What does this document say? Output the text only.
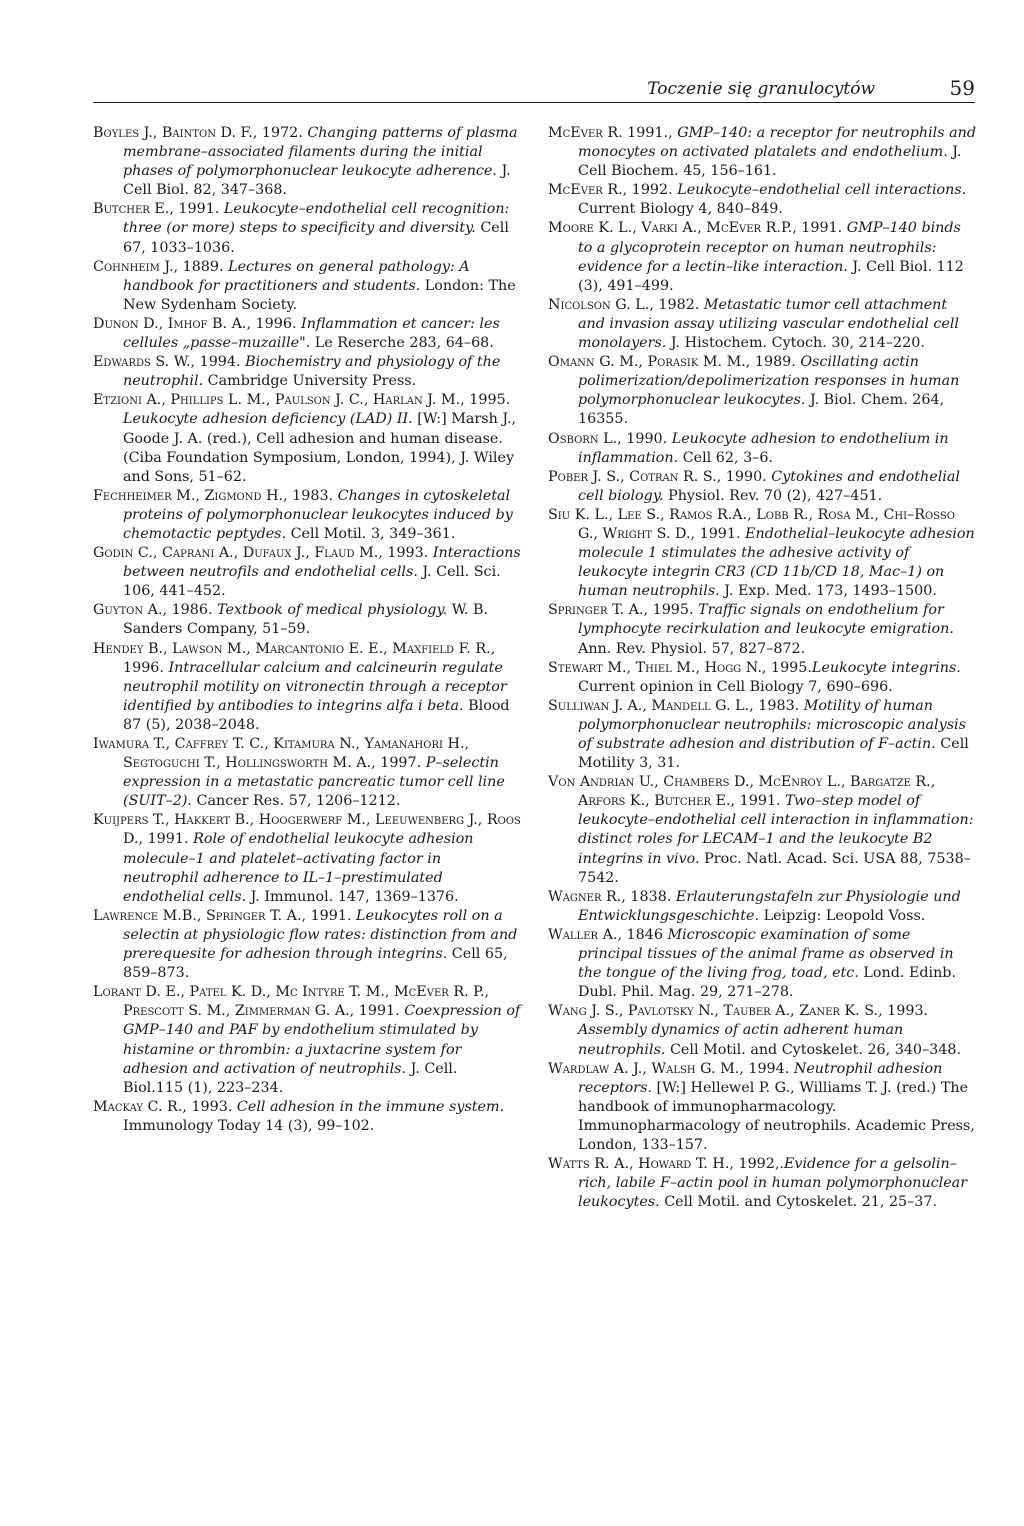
Toczenie się granulocytów	59

Boyles J., Bainton D. F., 1972. Changing patterns of plasma membrane–associated filaments during the initial phases of polymorphonuclear leukocyte adherence. J. Cell Biol. 82, 347–368.

Butcher E., 1991. Leukocyte–endothelial cell recognition: three (or more) steps to specificity and diversity. Cell 67, 1033–1036.

Cohnheim J., 1889. Lectures on general pathology: A handbook for practitioners and students. London: The New Sydenham Society.

Dunon D., Imhof B. A., 1996. Inflammation et cancer: les cellules „passe–muzaille". Le Reserche 283, 64–68.

Edwards S. W., 1994. Biochemistry and physiology of the neutrophil. Cambridge University Press.

Etzioni A., Phillips L. M., Paulson J. C., Harlan J. M., 1995. Leukocyte adhesion deficiency (LAD) II. [W:] Marsh J., Goode J. A. (red.), Cell adhesion and human disease. (Ciba Foundation Symposium, London, 1994), J. Wiley and Sons, 51–62.

Fechheimer M., Zigmond H., 1983. Changes in cytoskeletal proteins of polymorphonuclear leukocytes induced by chemotactic peptydes. Cell Motil. 3, 349–361.

Godin C., Caprani A., Dufaux J., Flaud M., 1993. Interactions between neutrofils and endothelial cells. J. Cell. Sci. 106, 441–452.

Guyton A., 1986. Textbook of medical physiology. W. B. Sanders Company, 51–59.

Hendey B., Lawson M., Marcantonio E. E., Maxfield F. R., 1996. Intracellular calcium and calcineurin regulate neutrophil motility on vitronectin through a receptor identified by antibodies to integrins alfa i beta. Blood 87 (5), 2038–2048.

Iwamura T., Caffrey T. C., Kitamura N., Yamanahori H., Segtoguchi T., Hollingsworth M. A., 1997. P–selectin expression in a metastatic pancreatic tumor cell line (SUIT–2). Cancer Res. 57, 1206–1212.

Kuijpers T., Hakkert B., Hoogerwerf M., Leeuwenberg J., Roos D., 1991. Role of endothelial leukocyte adhesion molecule–1 and platelet–activating factor in neutrophil adherence to IL–1–prestimulated endothelial cells. J. Immunol. 147, 1369–1376.

Lawrence M.B., Springer T. A., 1991. Leukocytes roll on a selectin at physiologic flow rates: distinction from and prerequesite for adhesion through integrins. Cell 65, 859–873.

Lorant D. E., Patel K. D., Mc Intyre T. M., McEver R. P., Prescott S. M., Zimmerman G. A., 1991. Coexpression of GMP–140 and PAF by endothelium stimulated by histamine or thrombin: a juxtacrine system for adhesion and activation of neutrophils. J. Cell. Biol.115 (1), 223–234.

Mackay C. R., 1993. Cell adhesion in the immune system. Immunology Today 14 (3), 99–102.

McEver R. 1991., GMP–140: a receptor for neutrophils and monocytes on activated platalets and endothelium. J. Cell Biochem. 45, 156–161.

McEver R., 1992. Leukocyte–endothelial cell interactions. Current Biology 4, 840–849.

Moore K. L., Varki A., McEver R.P., 1991. GMP–140 binds to a glycoprotein receptor on human neutrophils: evidence for a lectin–like interaction. J. Cell Biol. 112 (3), 491–499.

Nicolson G. L., 1982. Metastatic tumor cell attachment and invasion assay utilizing vascular endothelial cell monolayers. J. Histochem. Cytoch. 30, 214–220.

Omann G. M., Porasik M. M., 1989. Oscillating actin polimerization/depolimerization responses in human polymorphonuclear leukocytes. J. Biol. Chem. 264, 16355.

Osborn L., 1990. Leukocyte adhesion to endothelium in inflammation. Cell 62, 3–6.

Pober J. S., Cotran R. S., 1990. Cytokines and endothelial cell biology. Physiol. Rev. 70 (2), 427–451.

Siu K. L., Lee S., Ramos R.A., Lobb R., Rosa M., Chi–Rosso G., Wright S. D., 1991. Endothelial–leukocyte adhesion molecule 1 stimulates the adhesive activity of leukocyte integrin CR3 (CD 11b/CD 18, Mac–1) on human neutrophils. J. Exp. Med. 173, 1493–1500.

Springer T. A., 1995. Traffic signals on endothelium for lymphocyte recirkulation and leukocyte emigration. Ann. Rev. Physiol. 57, 827–872.

Stewart M., Thiel M., Hogg N., 1995.Leukocyte integrins. Current opinion in Cell Biology 7, 690–696.

Sulliwan J. A., Mandell G. L., 1983. Motility of human polymorphonuclear neutrophils: microscopic analysis of substrate adhesion and distribution of F–actin. Cell Motility 3, 31.

Von Andrian U., Chambers D., McEnroy L., Bargatze R., Arfors K., Butcher E., 1991. Two–step model of leukocyte–endothelial cell interaction in inflammation: distinct roles for LECAM–1 and the leukocyte B2 integrins in vivo. Proc. Natl. Acad. Sci. USA 88, 7538–7542.

Wagner R., 1838. Erlauterungstafeln zur Physiologie und Entwicklungsgeschichte. Leipzig: Leopold Voss.

Waller A., 1846 Microscopic examination of some principal tissues of the animal frame as observed in the tongue of the living frog, toad, etc. Lond. Edinb. Dubl. Phil. Mag. 29, 271–278.

Wang J. S., Pavlotsky N., Tauber A., Zaner K. S., 1993. Assembly dynamics of actin adherent human neutrophils. Cell Motil. and Cytoskelet. 26, 340–348.

Wardlaw A. J., Walsh G. M., 1994. Neutrophil adhesion receptors. [W:] Hellewel P. G., Williams T. J. (red.) The handbook of immunopharmacology. Immunopharmacology of neutrophils. Academic Press, London, 133–157.

Watts R. A., Howard T. H., 1992,.Evidence for a gelsolin–rich, labile F–actin pool in human polymorphonuclear leukocytes. Cell Motil. and Cytoskelet. 21, 25–37.
